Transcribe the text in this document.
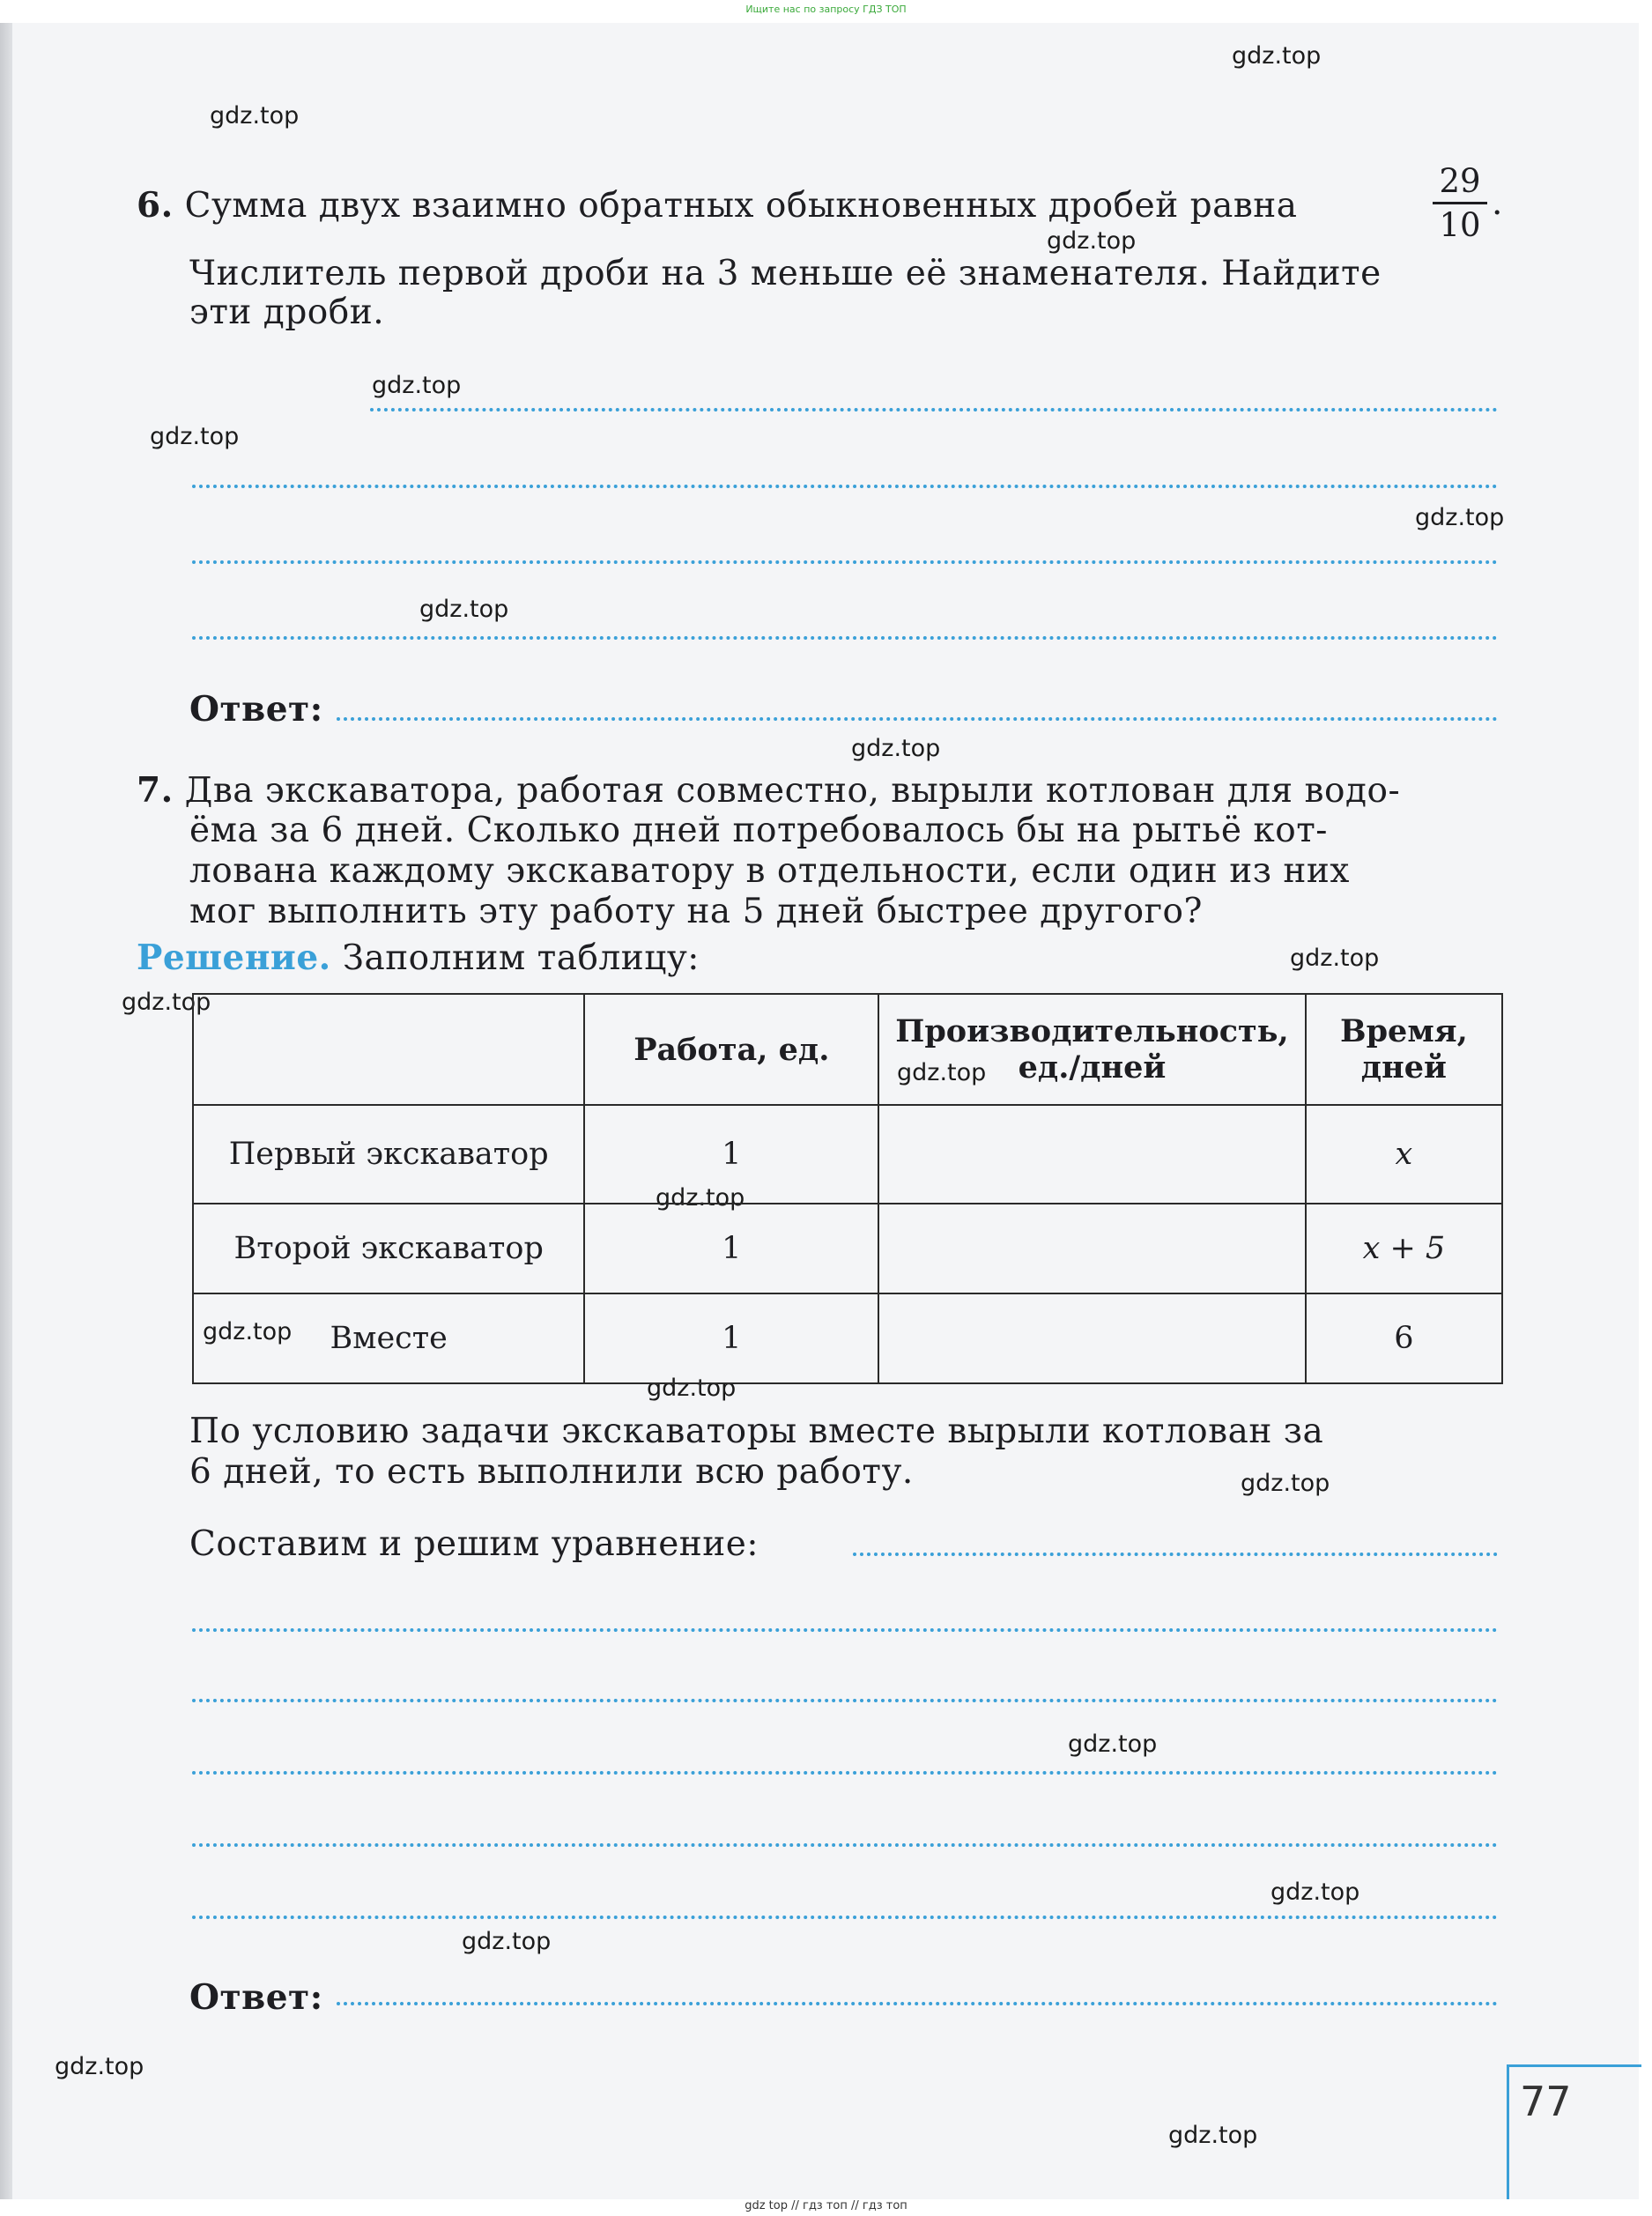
Ищите нас по запросу ГДЗ ТОП
gdz.top
gdz.top
gdz.top
gdz.top
gdz.top
gdz.top
gdz.top
gdz.top
gdz.top
gdz.top
gdz.top
gdz.top
gdz.top
gdz.top
gdz.top
gdz.top
gdz.top
gdz.top
gdz.top
gdz.top
6. Сумма двух взаимно обратных обыкновенных дробей равна
29
10
.
Числитель первой дроби на 3 меньше её знаменателя. Найдите
эти дроби.
Ответ:
7. Два экскаватора, работая совместно, вырыли котлован для водо-
ёма за 6 дней. Сколько дней потребовалось бы на рытьё кот-
лована каждому экскаватору в отдельности, если один из них
мог выполнить эту работу на 5 дней быстрее другого?
Решение. Заполним таблицу:
	Работа, ед.	Производительность, ед./дней	Время, дней
Первый экскаватор	1		x
Второй экскаватор	1		x + 5
Вместе	1		6
По условию задачи экскаваторы вместе вырыли котлован за
6 дней, то есть выполнили всю работу.
Составим и решим уравнение:
Ответ:
77
gdz top // гдз топ // гдз топ
